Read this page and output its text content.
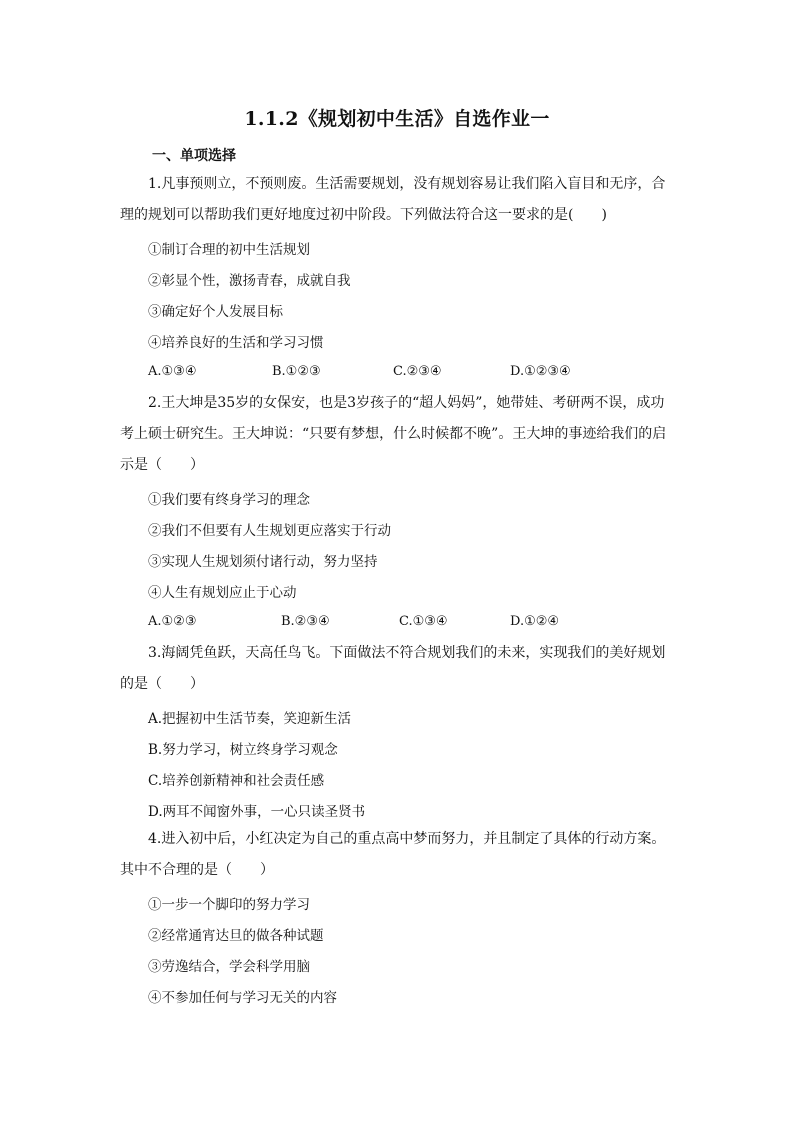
1.1.2《规划初中生活》自选作业一
一、单项选择

1.凡事预则立，不预则废。生活需要规划，没有规划容易让我们陷入盲目和无序，合理的规划可以帮助我们更好地度过初中阶段。下列做法符合这一要求的是(　　)

①制订合理的初中生活规划
②彰显个性，激扬青春，成就自我
③确定好个人发展目标
④培养良好的生活和学习习惯
A.①③④	B.①②③	C.②③④	D.①②③④

2.王大坤是35岁的女保安，也是3岁孩子的“超人妈妈”，她带娃、考研两不误，成功考上硕士研究生。王大坤说：“只要有梦想，什么时候都不晚”。王大坤的事迹给我们的启示是（　　）

①我们要有终身学习的理念
②我们不但要有人生规划更应落实于行动
③实现人生规划须付诸行动，努力坚持
④人生有规划应止于心动
A.①②③	B.②③④	C.①③④	D.①②④

3.海阔凭鱼跃，天高任鸟飞。下面做法不符合规划我们的未来，实现我们的美好规划的是（　　）

A.把握初中生活节奏，笑迎新生活
B.努力学习，树立终身学习观念
C.培养创新精神和社会责任感
D.两耳不闻窗外事，一心只读圣贤书

4.进入初中后，小红决定为自己的重点高中梦而努力，并且制定了具体的行动方案。其中不合理的是（　　）

①一步一个脚印的努力学习
②经常通宵达旦的做各种试题
③劳逸结合，学会科学用脑
④不参加任何与学习无关的内容
